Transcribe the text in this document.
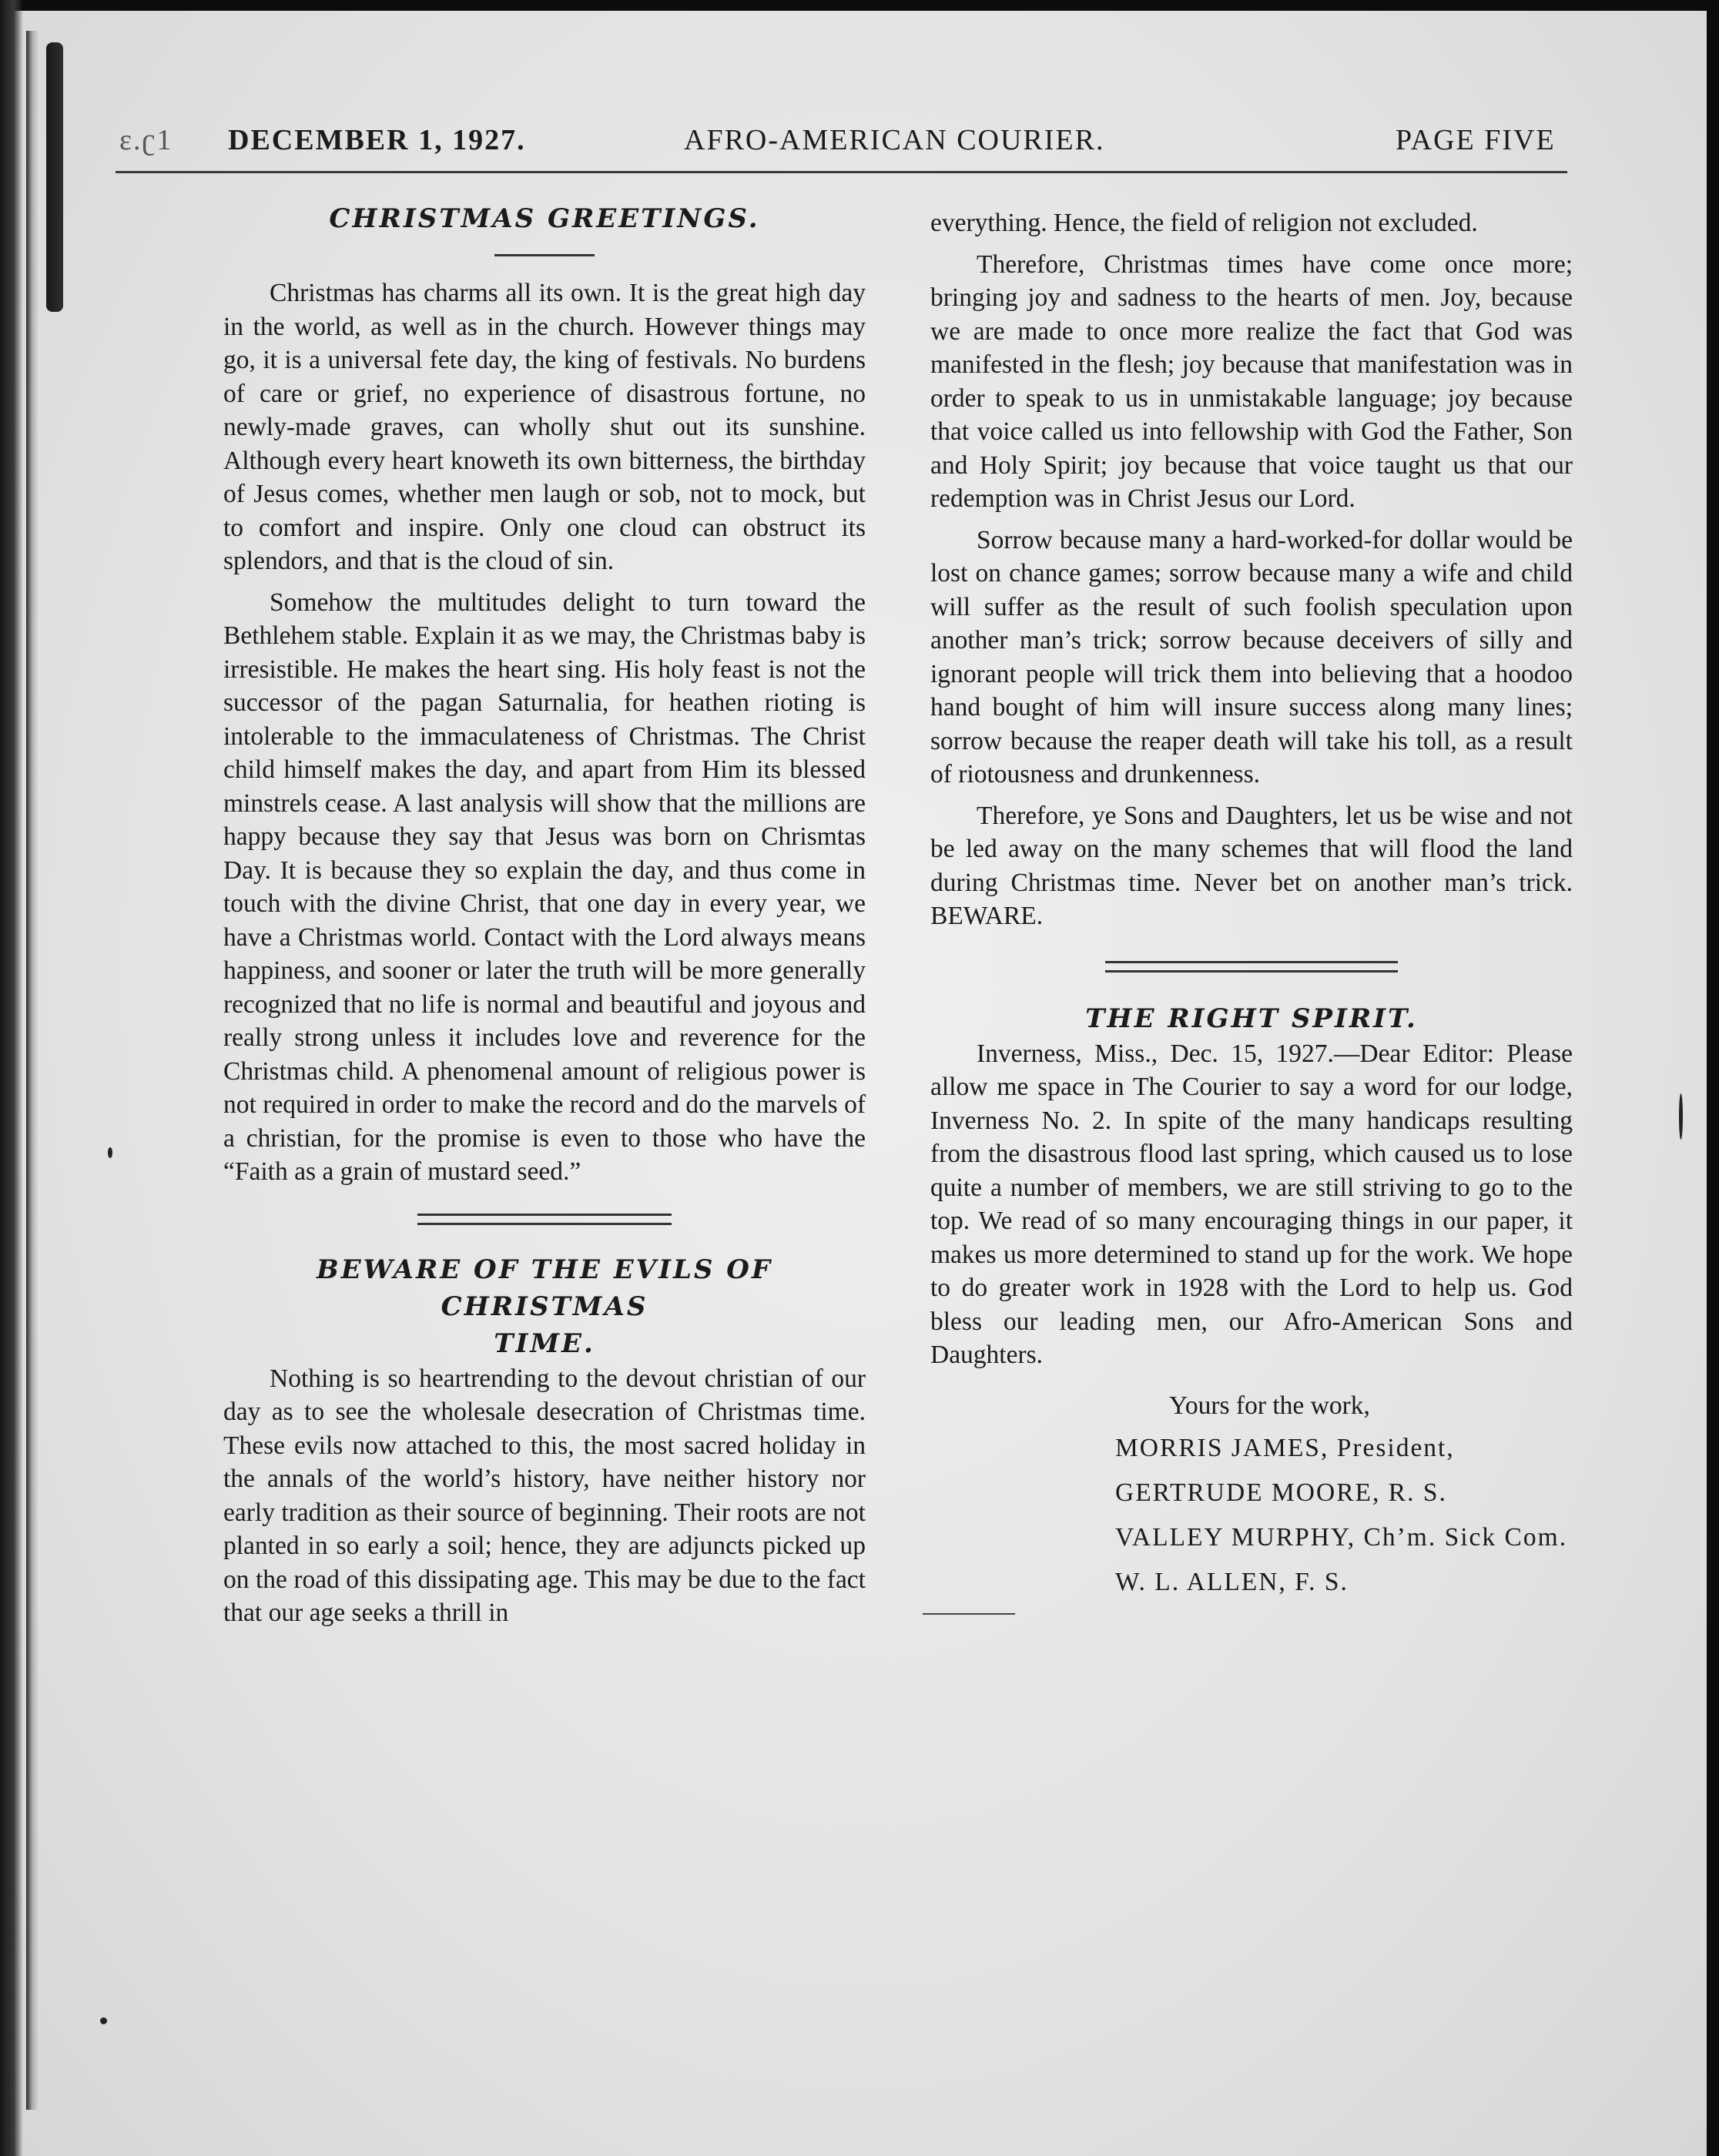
ɛ.ʗ1 DECEMBER 1, 1927.	AFRO-AMERICAN COURIER.	PAGE FIVE
CHRISTMAS GREETINGS.

Christmas has charms all its own. It is the great high day in the world, as well as in the church. However things may go, it is a universal fete day, the king of festivals. No burdens of care or grief, no experience of disastrous fortune, no newly-made graves, can wholly shut out its sunshine. Although every heart knoweth its own bitterness, the birthday of Jesus comes, whether men laugh or sob, not to mock, but to comfort and inspire. Only one cloud can obstruct its splendors, and that is the cloud of sin.

Somehow the multitudes delight to turn toward the Bethlehem stable. Explain it as we may, the Christmas baby is irresistible. He makes the heart sing. His holy feast is not the successor of the pagan Saturnalia, for heathen rioting is intolerable to the immaculateness of Christmas. The Christ child himself makes the day, and apart from Him its blessed minstrels cease. A last analysis will show that the millions are happy because they say that Jesus was born on Chrismtas Day. It is because they so explain the day, and thus come in touch with the divine Christ, that one day in every year, we have a Christmas world. Contact with the Lord always means happiness, and sooner or later the truth will be more generally recognized that no life is normal and beautiful and joyous and really strong unless it includes love and reverence for the Christmas child. A phenomenal amount of religious power is not required in order to make the record and do the marvels of a christian, for the promise is even to those who have the “Faith as a grain of mustard seed.”

BEWARE OF THE EVILS OF CHRISTMAS
TIME.

Nothing is so heartrending to the devout christian of our day as to see the wholesale desecration of Christmas time. These evils now attached to this, the most sacred holiday in the annals of the world’s history, have neither history nor early tradition as their source of beginning. Their roots are not planted in so early a soil; hence, they are adjuncts picked up on the road of this dissipating age. This may be due to the fact that our age seeks a thrill in

everything. Hence, the field of religion not excluded.

Therefore, Christmas times have come once more; bringing joy and sadness to the hearts of men. Joy, because we are made to once more realize the fact that God was manifested in the flesh; joy because that manifestation was in order to speak to us in unmistakable language; joy because that voice called us into fellowship with God the Father, Son and Holy Spirit; joy because that voice taught us that our redemption was in Christ Jesus our Lord.

Sorrow because many a hard-worked-for dollar would be lost on chance games; sorrow because many a wife and child will suffer as the result of such foolish speculation upon another man’s trick; sorrow because deceivers of silly and ignorant people will trick them into believing that a hoodoo hand bought of him will insure success along many lines; sorrow because the reaper death will take his toll, as a result of riotousness and drunkenness.

Therefore, ye Sons and Daughters, let us be wise and not be led away on the many schemes that will flood the land during Christmas time. Never bet on another man’s trick. BEWARE.

THE RIGHT SPIRIT.

Inverness, Miss., Dec. 15, 1927.—Dear Editor: Please allow me space in The Courier to say a word for our lodge, Inverness No. 2. In spite of the many handicaps resulting from the disastrous flood last spring, which caused us to lose quite a number of members, we are still striving to go to the top. We read of so many encouraging things in our paper, it makes us more determined to stand up for the work. We hope to do greater work in 1928 with the Lord to help us. God bless our leading men, our Afro-American Sons and Daughters.

Yours for the work,

MORRIS JAMES, President,

GERTRUDE MOORE, R. S.

VALLEY MURPHY, Ch’m. Sick Com.

W. L. ALLEN, F. S.
